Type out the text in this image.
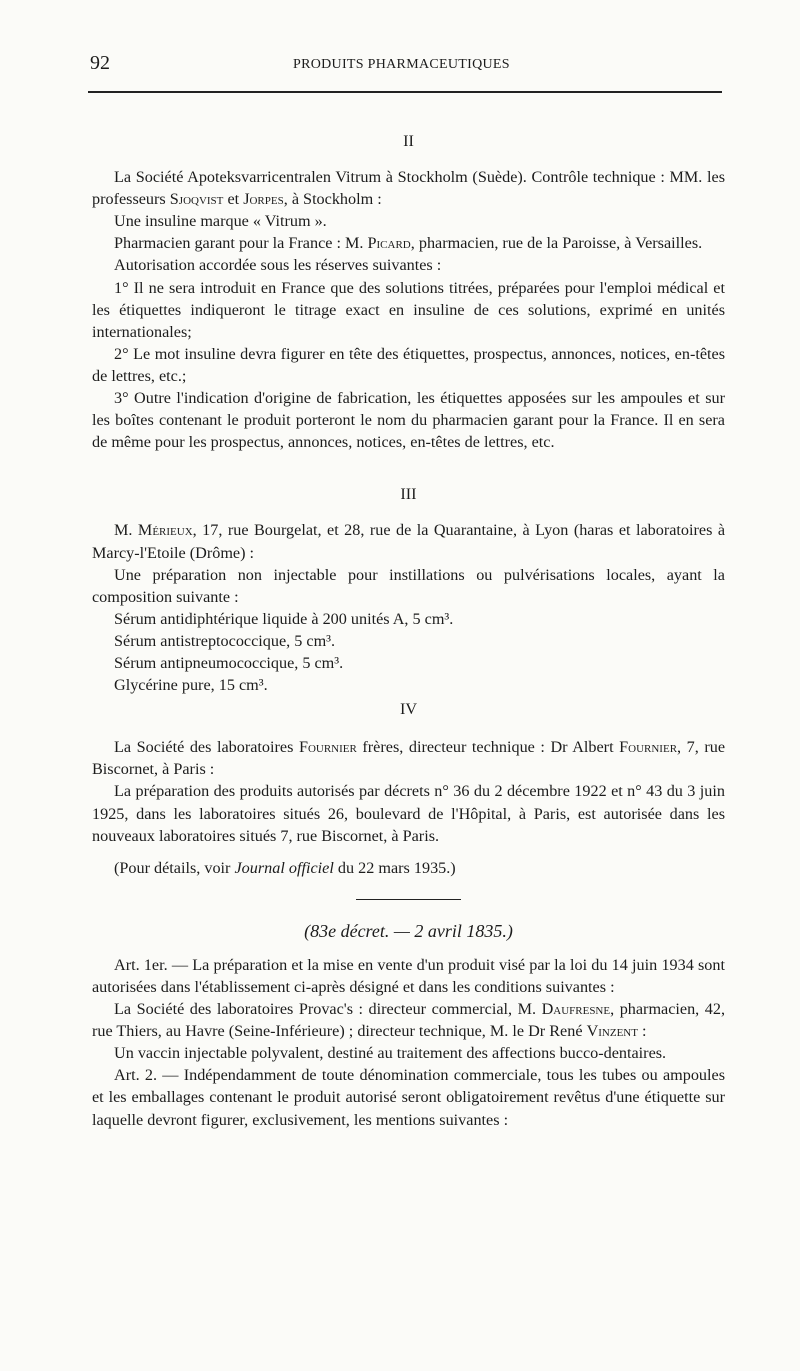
92	PRODUITS PHARMACEUTIQUES
II

La Société Apoteksvarricentralen Vitrum à Stockholm (Suède). Contrôle technique : MM. les professeurs Sjoqvist et Jorpes, à Stockholm :

Une insuline marque « Vitrum ».

Pharmacien garant pour la France : M. Picard, pharmacien, rue de la Paroisse, à Versailles.

Autorisation accordée sous les réserves suivantes :

1° Il ne sera introduit en France que des solutions titrées, préparées pour l'emploi médical et les étiquettes indiqueront le titrage exact en insuline de ces solutions, exprimé en unités internationales;

2° Le mot insuline devra figurer en tête des étiquettes, prospectus, annonces, notices, en-têtes de lettres, etc.;

3° Outre l'indication d'origine de fabrication, les étiquettes apposées sur les ampoules et sur les boîtes contenant le produit porteront le nom du pharmacien garant pour la France. Il en sera de même pour les prospectus, annonces, notices, en-têtes de lettres, etc.

III

M. Mérieux, 17, rue Bourgelat, et 28, rue de la Quarantaine, à Lyon (haras et laboratoires à Marcy-l'Etoile (Drôme) :

Une préparation non injectable pour instillations ou pulvérisations locales, ayant la composition suivante :

Sérum antidiphtérique liquide à 200 unités A, 5 cm³.

Sérum antistreptococcique, 5 cm³.

Sérum antipneumococcique, 5 cm³.

Glycérine pure, 15 cm³.

IV

La Société des laboratoires Fournier frères, directeur technique : Dr Albert Fournier, 7, rue Biscornet, à Paris :

La préparation des produits autorisés par décrets n° 36 du 2 décembre 1922 et n° 43 du 3 juin 1925, dans les laboratoires situés 26, boulevard de l'Hôpital, à Paris, est autorisée dans les nouveaux laboratoires situés 7, rue Biscornet, à Paris.

(Pour détails, voir Journal officiel du 22 mars 1935.)

(83e décret. — 2 avril 1835.)

Art. 1er. — La préparation et la mise en vente d'un produit visé par la loi du 14 juin 1934 sont autorisées dans l'établissement ci-après désigné et dans les conditions suivantes :

La Société des laboratoires Provac's : directeur commercial, M. Daufresne, pharmacien, 42, rue Thiers, au Havre (Seine-Inférieure) ; directeur technique, M. le Dr René Vinzent :

Un vaccin injectable polyvalent, destiné au traitement des affections bucco-dentaires.

Art. 2. — Indépendamment de toute dénomination commerciale, tous les tubes ou ampoules et les emballages contenant le produit autorisé seront obligatoirement revêtus d'une étiquette sur laquelle devront figurer, exclusivement, les mentions suivantes :
